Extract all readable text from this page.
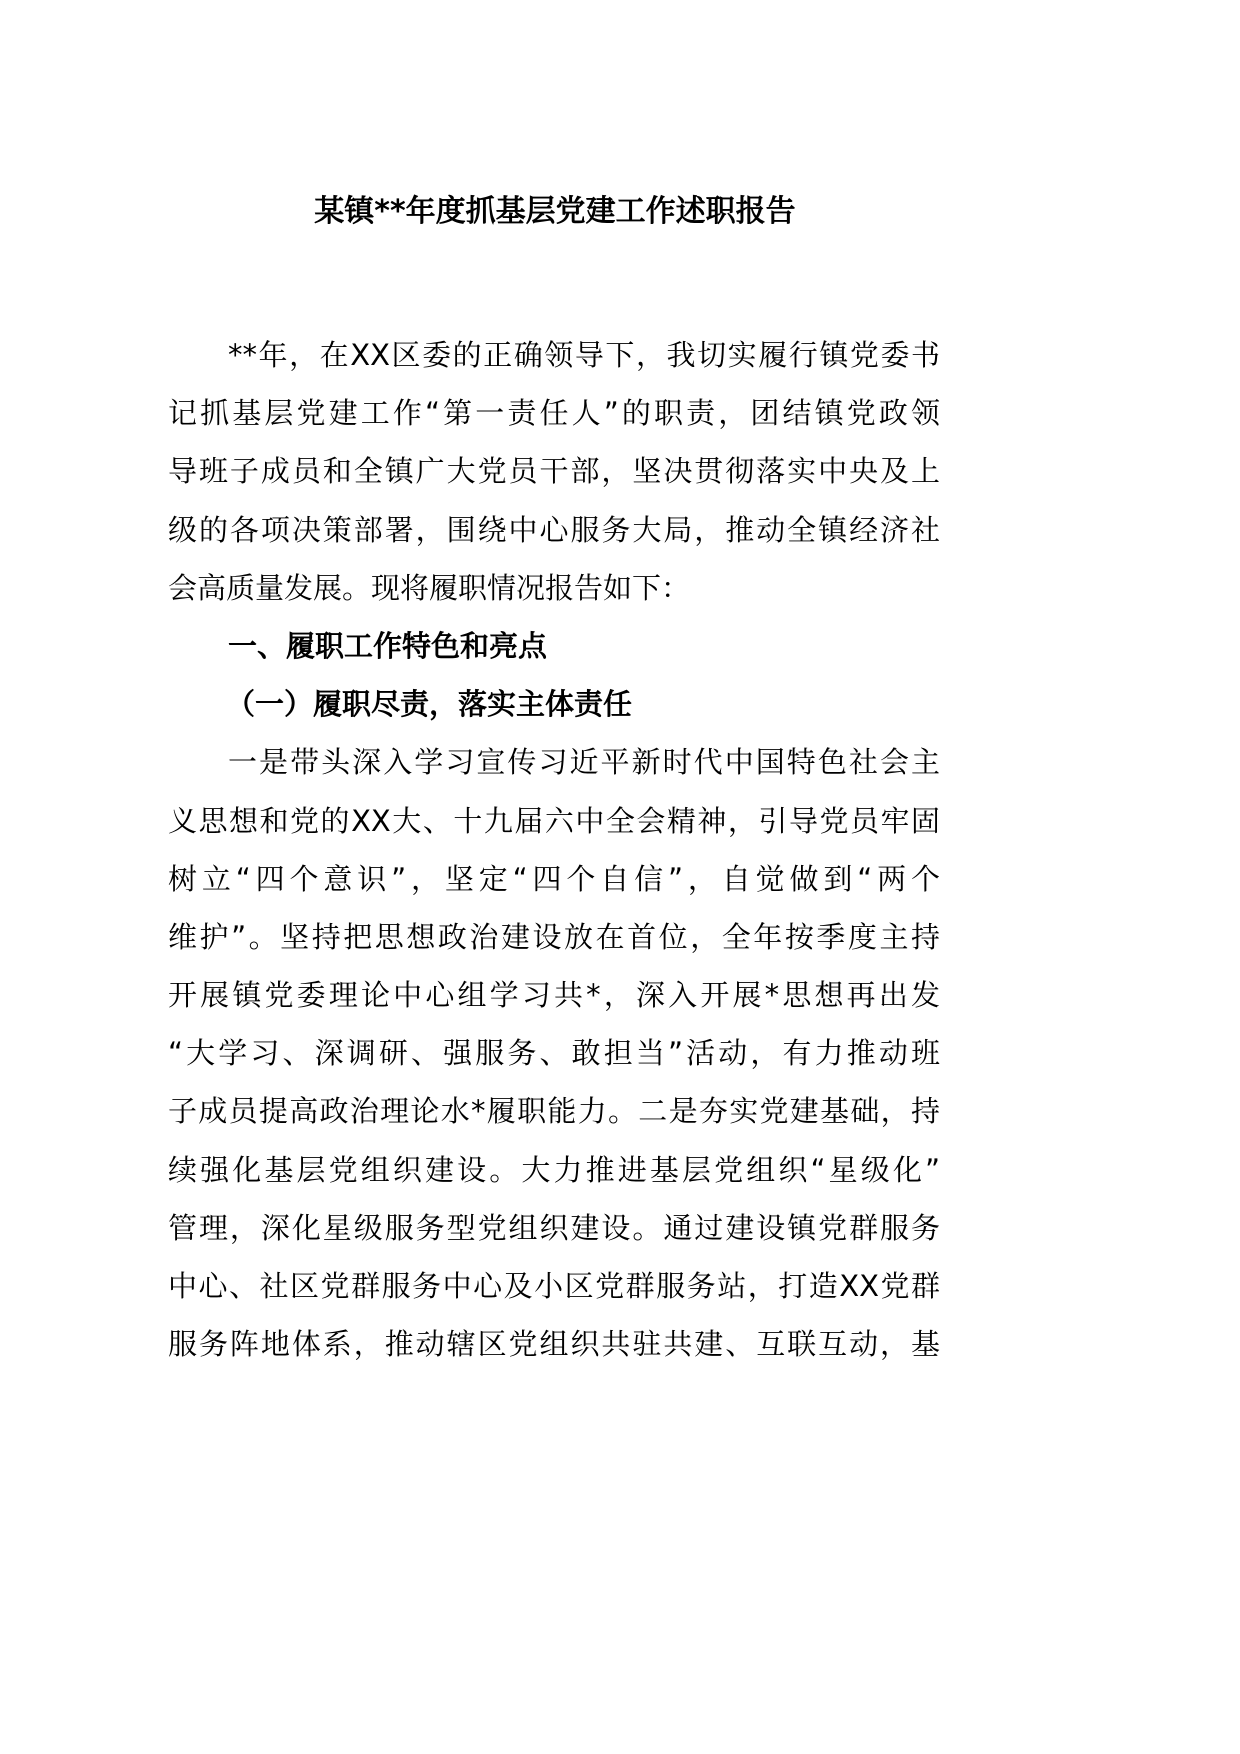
某镇**年度抓基层党建工作述职报告
**年，在XX区委的正确领导下，我切实履行镇党委书
记抓基层党建工作“第一责任人”的职责，团结镇党政领
导班子成员和全镇广大党员干部，坚决贯彻落实中央及上
级的各项决策部署，围绕中心服务大局，推动全镇经济社
会高质量发展。现将履职情况报告如下：
一、履职工作特色和亮点
（一）履职尽责，落实主体责任
一是带头深入学习宣传习近平新时代中国特色社会主
义思想和党的XX大、十九届六中全会精神，引导党员牢固
树立“四个意识”，坚定“四个自信”，自觉做到“两个
维护”。坚持把思想政治建设放在首位，全年按季度主持
开展镇党委理论中心组学习共*，深入开展*思想再出发
“大学习、深调研、强服务、敢担当”活动，有力推动班
子成员提高政治理论水*履职能力。二是夯实党建基础，持
续强化基层党组织建设。大力推进基层党组织“星级化”
管理，深化星级服务型党组织建设。通过建设镇党群服务
中心、社区党群服务中心及小区党群服务站，打造XX党群
服务阵地体系，推动辖区党组织共驻共建、互联互动，基
